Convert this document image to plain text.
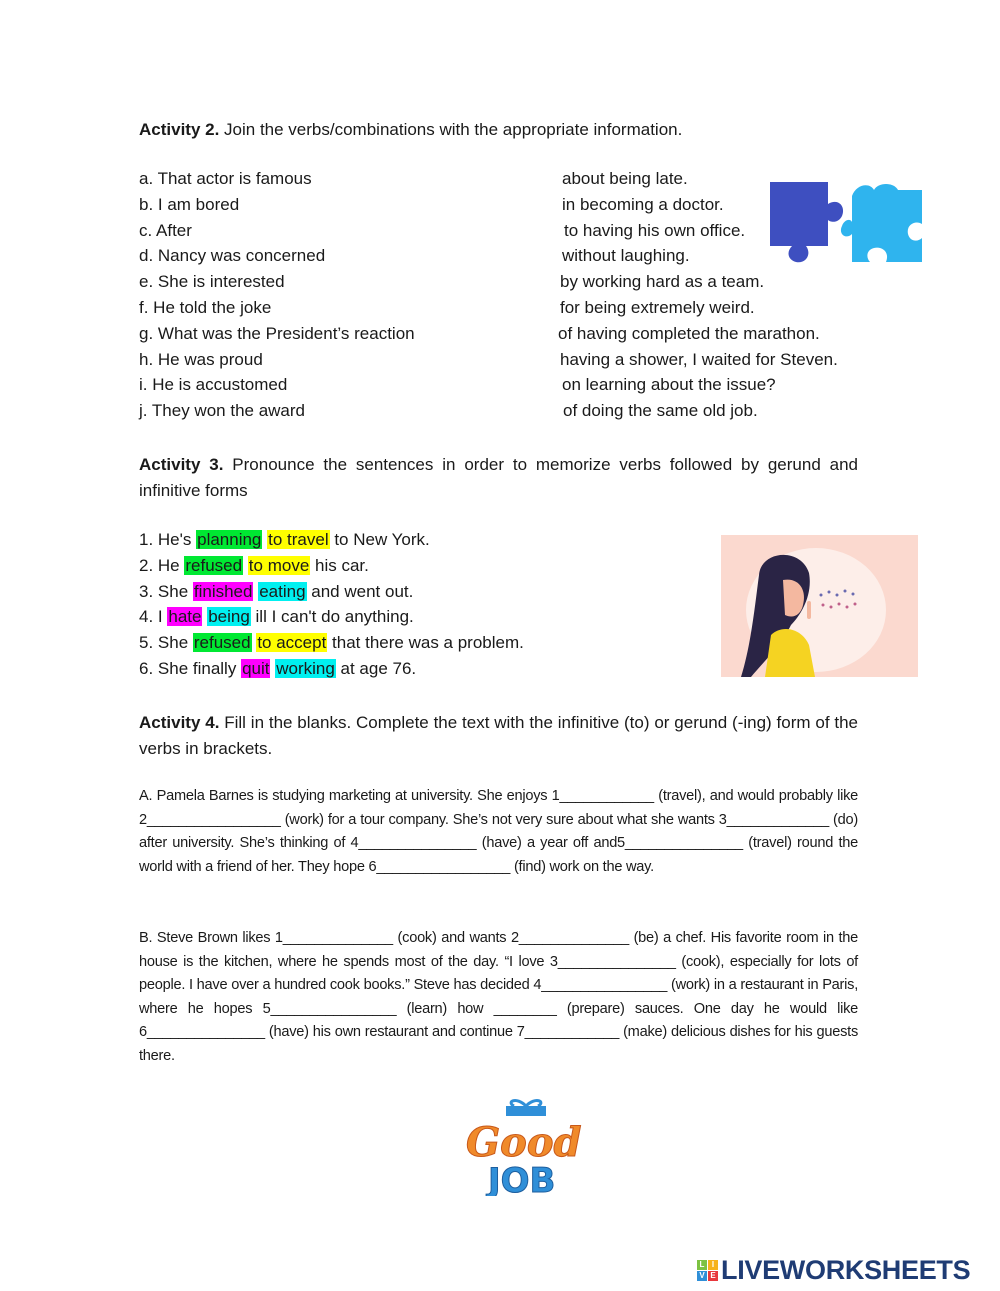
Activity 2. Join the verbs/combinations with the appropriate information.
a. That actor is famous
b. I am bored
c. After
d. Nancy was concerned
e. She is interested
f. He told the joke
g. What was the President’s reaction
h. He was proud
i. He is accustomed
j. They won the award
about being late.
in becoming a doctor.
to having his own office.
without laughing.
by working hard as a team.
for being extremely weird.
of having completed the marathon.
having a shower, I waited for Steven.
on learning about the issue?
of doing the same old job.
Activity 3. Pronounce the sentences in order to memorize verbs followed by gerund and infinitive forms
1. He's planning to travel to New York.
2. He refused to move his car.
3. She finished eating and went out.
4. I hate being ill I can't do anything.
5. She refused to accept that there was a problem.
6. She finally quit working at age 76.
Activity 4. Fill in the blanks. Complete the text with the infinitive (to) or gerund (-ing) form of the verbs in brackets.
A. Pamela Barnes is studying marketing at university. She enjoys 1____________ (travel), and would probably like 2_________________ (work) for a tour company. She’s not very sure about what she wants 3_____________ (do) after university. She’s thinking of 4_______________ (have) a year off and5_______________ (travel) round the world with a friend of her. They hope 6_________________ (find) work on the way.
B. Steve Brown likes 1______________ (cook) and wants 2______________ (be) a chef. His favorite room in the house is the kitchen, where he spends most of the day. “I love 3_______________ (cook), especially for lots of people. I have over a hundred cook books.” Steve has decided 4________________ (work) in a restaurant in Paris, where he hopes 5________________ (learn) how ________ (prepare) sauces. One day he would like 6_______________ (have) his own restaurant and continue 7____________ (make) delicious dishes for his guests there.
Good
JOB
L I
V E LIVEWORKSHEETS
